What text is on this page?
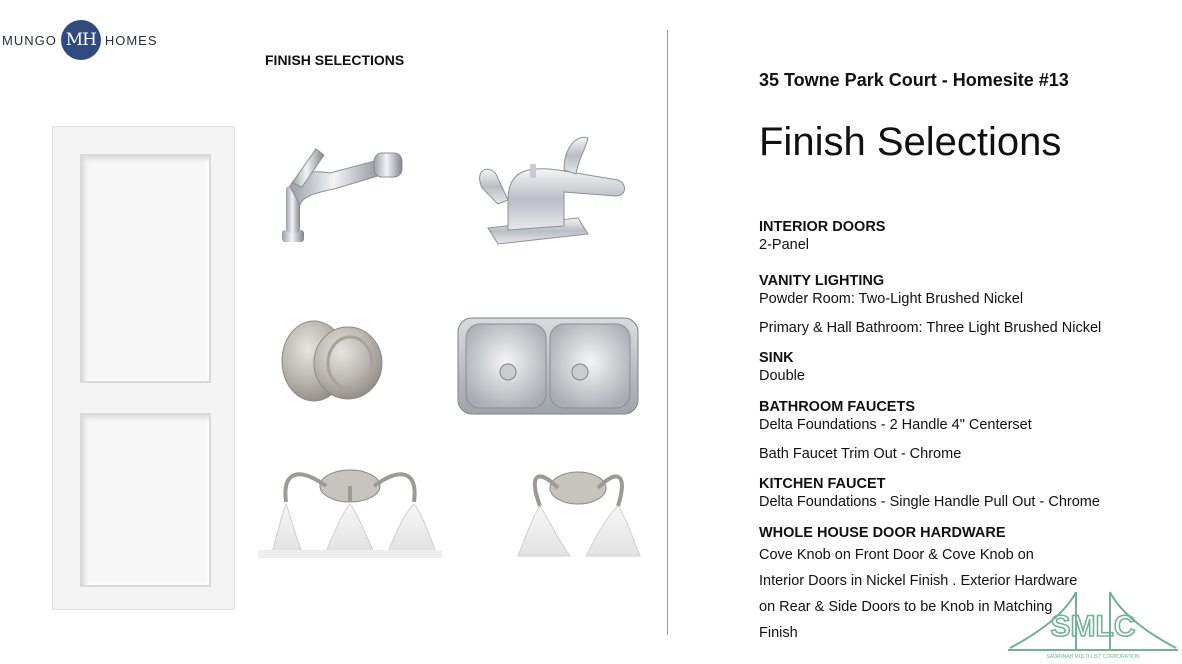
MUNGO MH HOMES
FINISH SELECTIONS
35 Towne Park Court - Homesite #13
Finish Selections
INTERIOR DOORS
2-Panel
VANITY LIGHTING
Powder Room: Two-Light Brushed Nickel
Primary & Hall Bathroom: Three Light Brushed Nickel
SINK
Double
BATHROOM FAUCETS
Delta Foundations - 2 Handle 4" Centerset
Bath Faucet Trim Out - Chrome
KITCHEN FAUCET
Delta Foundations - Single Handle Pull Out - Chrome
WHOLE HOUSE DOOR HARDWARE
Cove Knob on Front Door & Cove Knob on
Interior Doors in Nickel Finish . Exterior Hardware
on Rear & Side Doors to be Knob in Matching
Finish	SMLC
SAVANNAH MULTI-LIST CORPORATION
